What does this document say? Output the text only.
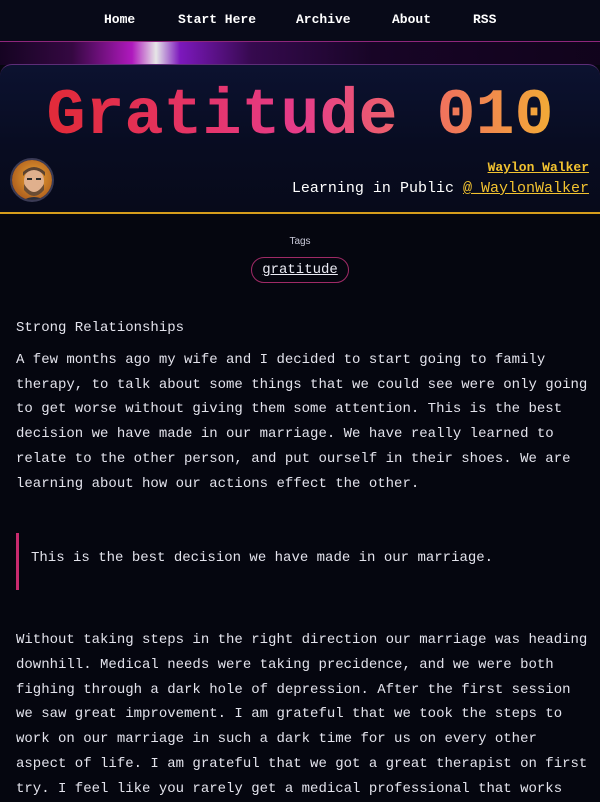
Home	Start Here	Archive	About	RSS
Gratitude 010
Waylon Walker
Learning in Public @_WaylonWalker
Tags
gratitude

Strong Relationships

A few months ago my wife and I decided to start going to family therapy, to talk about some things that we could see were only going to get worse without giving them some attention. This is the best decision we have made in our marriage. We have really learned to relate to the other person, and put ourself in their shoes. We are learning about how our actions effect the other.

This is the best decision we have made in our marriage.

Without taking steps in the right direction our marriage was heading downhill. Medical needs were taking precidence, and we were both fighing through a dark hole of depression. After the first session we saw great improvement. I am grateful that we took the steps to work on our marriage in such a dark time for us on every other aspect of life. I am grateful that we got a great therapist on first try. I feel like you rarely get a medical professional that works
